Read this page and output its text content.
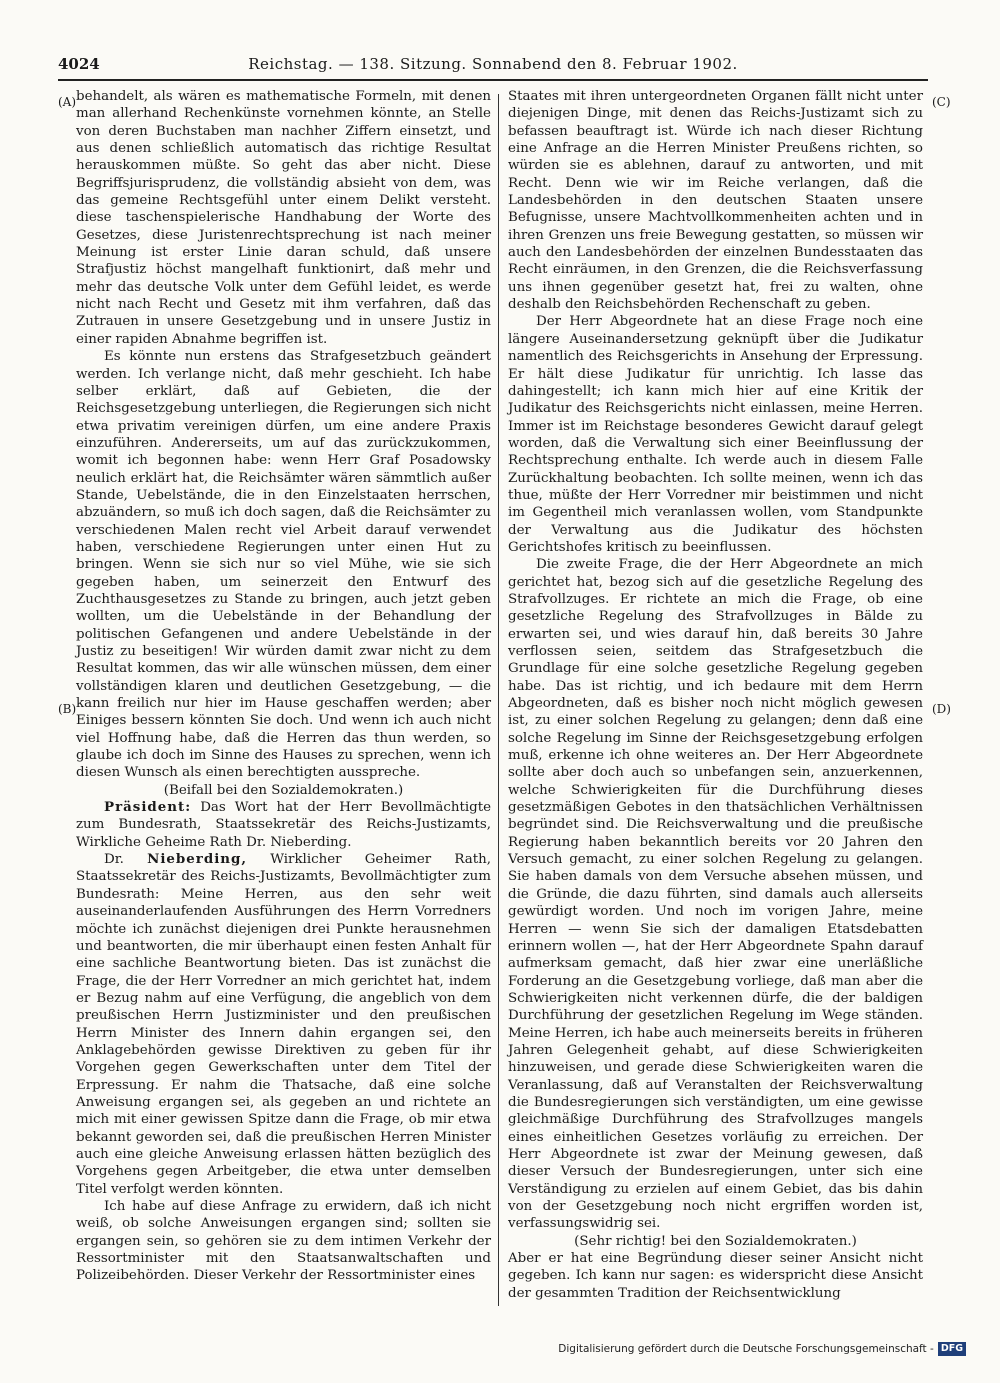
4024	Reichstag. — 138. Sitzung. Sonnabend den 8. Februar 1902.
(A)
(B)
(C)
(D)

behandelt, als wären es mathematische Formeln, mit denen man allerhand Rechenkünste vornehmen könnte, an Stelle von deren Buchstaben man nachher Ziffern einsetzt, und aus denen schließlich automatisch das richtige Resultat herauskommen müßte. So geht das aber nicht. Diese Begriffsjurisprudenz, die vollständig absieht von dem, was das gemeine Rechtsgefühl unter einem Delikt versteht. diese taschenspielerische Handhabung der Worte des Gesetzes, diese Juristenrechtsprechung ist nach meiner Meinung ist erster Linie daran schuld, daß unsere Strafjustiz höchst mangelhaft funktionirt, daß mehr und mehr das deutsche Volk unter dem Gefühl leidet, es werde nicht nach Recht und Gesetz mit ihm verfahren, daß das Zutrauen in unsere Gesetzgebung und in unsere Justiz in einer rapiden Abnahme begriffen ist.

Es könnte nun erstens das Strafgesetzbuch geändert werden. Ich verlange nicht, daß mehr geschieht. Ich habe selber erklärt, daß auf Gebieten, die der Reichsgesetzgebung unterliegen, die Regierungen sich nicht etwa privatim vereinigen dürfen, um eine andere Praxis einzuführen. Andererseits, um auf das zurückzukommen, womit ich begonnen habe: wenn Herr Graf Posadowsky neulich erklärt hat, die Reichsämter wären sämmtlich außer Stande, Uebelstände, die in den Einzelstaaten herrschen, abzuändern, so muß ich doch sagen, daß die Reichsämter zu verschiedenen Malen recht viel Arbeit darauf verwendet haben, verschiedene Regierungen unter einen Hut zu bringen. Wenn sie sich nur so viel Mühe, wie sie sich gegeben haben, um seinerzeit den Entwurf des Zuchthausgesetzes zu Stande zu bringen, auch jetzt geben wollten, um die Uebelstände in der Behandlung der politischen Gefangenen und andere Uebelstände in der Justiz zu beseitigen! Wir würden damit zwar nicht zu dem Resultat kommen, das wir alle wünschen müssen, dem einer vollständigen klaren und deutlichen Gesetzgebung, — die kann freilich nur hier im Hause geschaffen werden; aber Einiges bessern könnten Sie doch. Und wenn ich auch nicht viel Hoffnung habe, daß die Herren das thun werden, so glaube ich doch im Sinne des Hauses zu sprechen, wenn ich diesen Wunsch als einen berechtigten ausspreche.

(Beifall bei den Sozialdemokraten.)

Präsident: Das Wort hat der Herr Bevollmächtigte zum Bundesrath, Staatssekretär des Reichs-Justizamts, Wirkliche Geheime Rath Dr. Nieberding.

Dr. Nieberding, Wirklicher Geheimer Rath, Staatssekretär des Reichs-Justizamts, Bevollmächtigter zum Bundesrath: Meine Herren, aus den sehr weit auseinanderlaufenden Ausführungen des Herrn Vorredners möchte ich zunächst diejenigen drei Punkte herausnehmen und beantworten, die mir überhaupt einen festen Anhalt für eine sachliche Beantwortung bieten. Das ist zunächst die Frage, die der Herr Vorredner an mich gerichtet hat, indem er Bezug nahm auf eine Verfügung, die angeblich von dem preußischen Herrn Justizminister und den preußischen Herrn Minister des Innern dahin ergangen sei, den Anklagebehörden gewisse Direktiven zu geben für ihr Vorgehen gegen Gewerkschaften unter dem Titel der Erpressung. Er nahm die Thatsache, daß eine solche Anweisung ergangen sei, als gegeben an und richtete an mich mit einer gewissen Spitze dann die Frage, ob mir etwa bekannt geworden sei, daß die preußischen Herren Minister auch eine gleiche Anweisung erlassen hätten bezüglich des Vorgehens gegen Arbeitgeber, die etwa unter demselben Titel verfolgt werden könnten.

Ich habe auf diese Anfrage zu erwidern, daß ich nicht weiß, ob solche Anweisungen ergangen sind; sollten sie ergangen sein, so gehören sie zu dem intimen Verkehr der Ressortminister mit den Staatsanwaltschaften und Polizeibehörden. Dieser Verkehr der Ressortminister eines

Staates mit ihren untergeordneten Organen fällt nicht unter diejenigen Dinge, mit denen das Reichs-Justizamt sich zu befassen beauftragt ist. Würde ich nach dieser Richtung eine Anfrage an die Herren Minister Preußens richten, so würden sie es ablehnen, darauf zu antworten, und mit Recht. Denn wie wir im Reiche verlangen, daß die Landesbehörden in den deutschen Staaten unsere Befugnisse, unsere Machtvollkommenheiten achten und in ihren Grenzen uns freie Bewegung gestatten, so müssen wir auch den Landesbehörden der einzelnen Bundesstaaten das Recht einräumen, in den Grenzen, die die Reichsverfassung uns ihnen gegenüber gesetzt hat, frei zu walten, ohne deshalb den Reichsbehörden Rechenschaft zu geben.

Der Herr Abgeordnete hat an diese Frage noch eine längere Auseinandersetzung geknüpft über die Judikatur namentlich des Reichsgerichts in Ansehung der Erpressung. Er hält diese Judikatur für unrichtig. Ich lasse das dahingestellt; ich kann mich hier auf eine Kritik der Judikatur des Reichsgerichts nicht einlassen, meine Herren. Immer ist im Reichstage besonderes Gewicht darauf gelegt worden, daß die Verwaltung sich einer Beeinflussung der Rechtsprechung enthalte. Ich werde auch in diesem Falle Zurückhaltung beobachten. Ich sollte meinen, wenn ich das thue, müßte der Herr Vorredner mir beistimmen und nicht im Gegentheil mich veranlassen wollen, vom Standpunkte der Verwaltung aus die Judikatur des höchsten Gerichtshofes kritisch zu beeinflussen.

Die zweite Frage, die der Herr Abgeordnete an mich gerichtet hat, bezog sich auf die gesetzliche Regelung des Strafvollzuges. Er richtete an mich die Frage, ob eine gesetzliche Regelung des Strafvollzuges in Bälde zu erwarten sei, und wies darauf hin, daß bereits 30 Jahre verflossen seien, seitdem das Strafgesetzbuch die Grundlage für eine solche gesetzliche Regelung gegeben habe. Das ist richtig, und ich bedaure mit dem Herrn Abgeordneten, daß es bisher noch nicht möglich gewesen ist, zu einer solchen Regelung zu gelangen; denn daß eine solche Regelung im Sinne der Reichsgesetzgebung erfolgen muß, erkenne ich ohne weiteres an. Der Herr Abgeordnete sollte aber doch auch so unbefangen sein, anzuerkennen, welche Schwierigkeiten für die Durchführung dieses gesetzmäßigen Gebotes in den thatsächlichen Verhältnissen begründet sind. Die Reichsverwaltung und die preußische Regierung haben bekanntlich bereits vor 20 Jahren den Versuch gemacht, zu einer solchen Regelung zu gelangen. Sie haben damals von dem Versuche absehen müssen, und die Gründe, die dazu führten, sind damals auch allerseits gewürdigt worden. Und noch im vorigen Jahre, meine Herren — wenn Sie sich der damaligen Etatsdebatten erinnern wollen —, hat der Herr Abgeordnete Spahn darauf aufmerksam gemacht, daß hier zwar eine unerläßliche Forderung an die Gesetzgebung vorliege, daß man aber die Schwierigkeiten nicht verkennen dürfe, die der baldigen Durchführung der gesetzlichen Regelung im Wege ständen. Meine Herren, ich habe auch meinerseits bereits in früheren Jahren Gelegenheit gehabt, auf diese Schwierigkeiten hinzuweisen, und gerade diese Schwierigkeiten waren die Veranlassung, daß auf Veranstalten der Reichsverwaltung die Bundesregierungen sich verständigten, um eine gewisse gleichmäßige Durchführung des Strafvollzuges mangels eines einheitlichen Gesetzes vorläufig zu erreichen. Der Herr Abgeordnete ist zwar der Meinung gewesen, daß dieser Versuch der Bundesregierungen, unter sich eine Verständigung zu erzielen auf einem Gebiet, das bis dahin von der Gesetzgebung noch nicht ergriffen worden ist, verfassungswidrig sei.

(Sehr richtig! bei den Sozialdemokraten.)

Aber er hat eine Begründung dieser seiner Ansicht nicht gegeben. Ich kann nur sagen: es widerspricht diese Ansicht der gesammten Tradition der Reichsentwicklung

Digitalisierung gefördert durch die Deutsche Forschungsgemeinschaft - DFG
